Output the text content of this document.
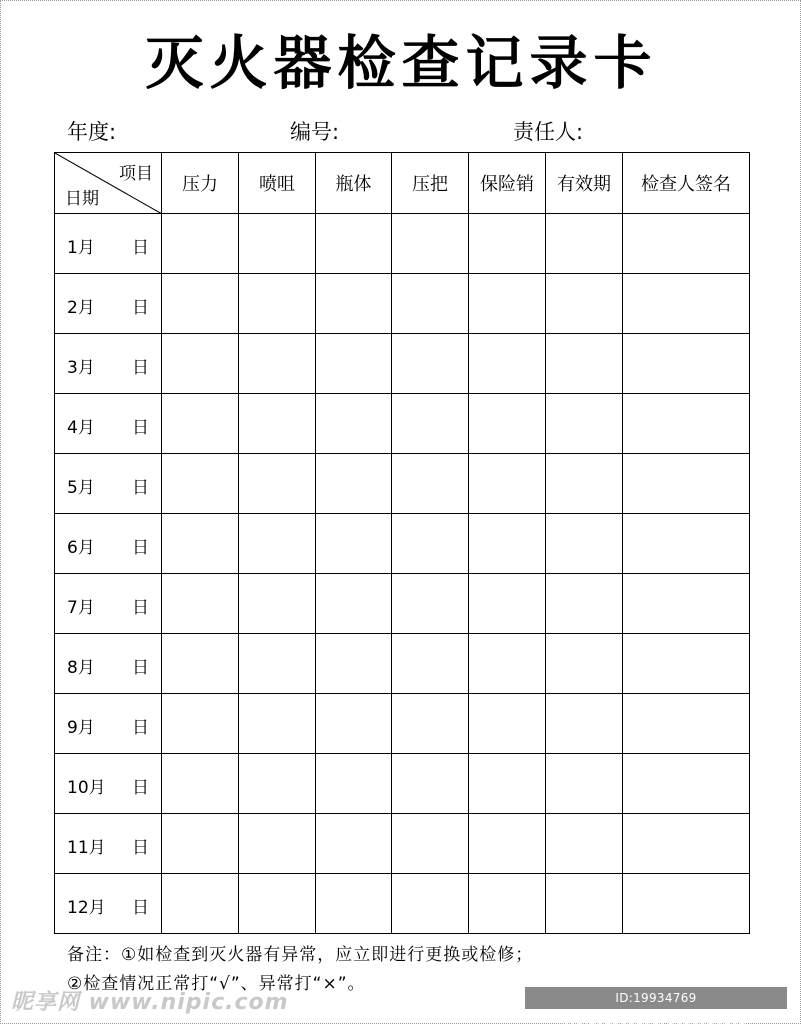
灭火器检查记录卡
年度:	编号:	责任人:
项目
日期	压力	喷咀	瓶体	压把	保险销	有效期	检查人签名

1月 日							

2月 日							

3月 日							

4月 日							

5月 日							

6月 日							

7月 日							

8月 日							

9月 日							

10月 日							

11月 日							

12月 日							

备注：①如检查到灭火器有异常，应立即进行更换或检修；
②检查情况正常打“√”、异常打“×”。
昵享网 www.nipic.com	ID:19934769 NO:20250329173056936105
